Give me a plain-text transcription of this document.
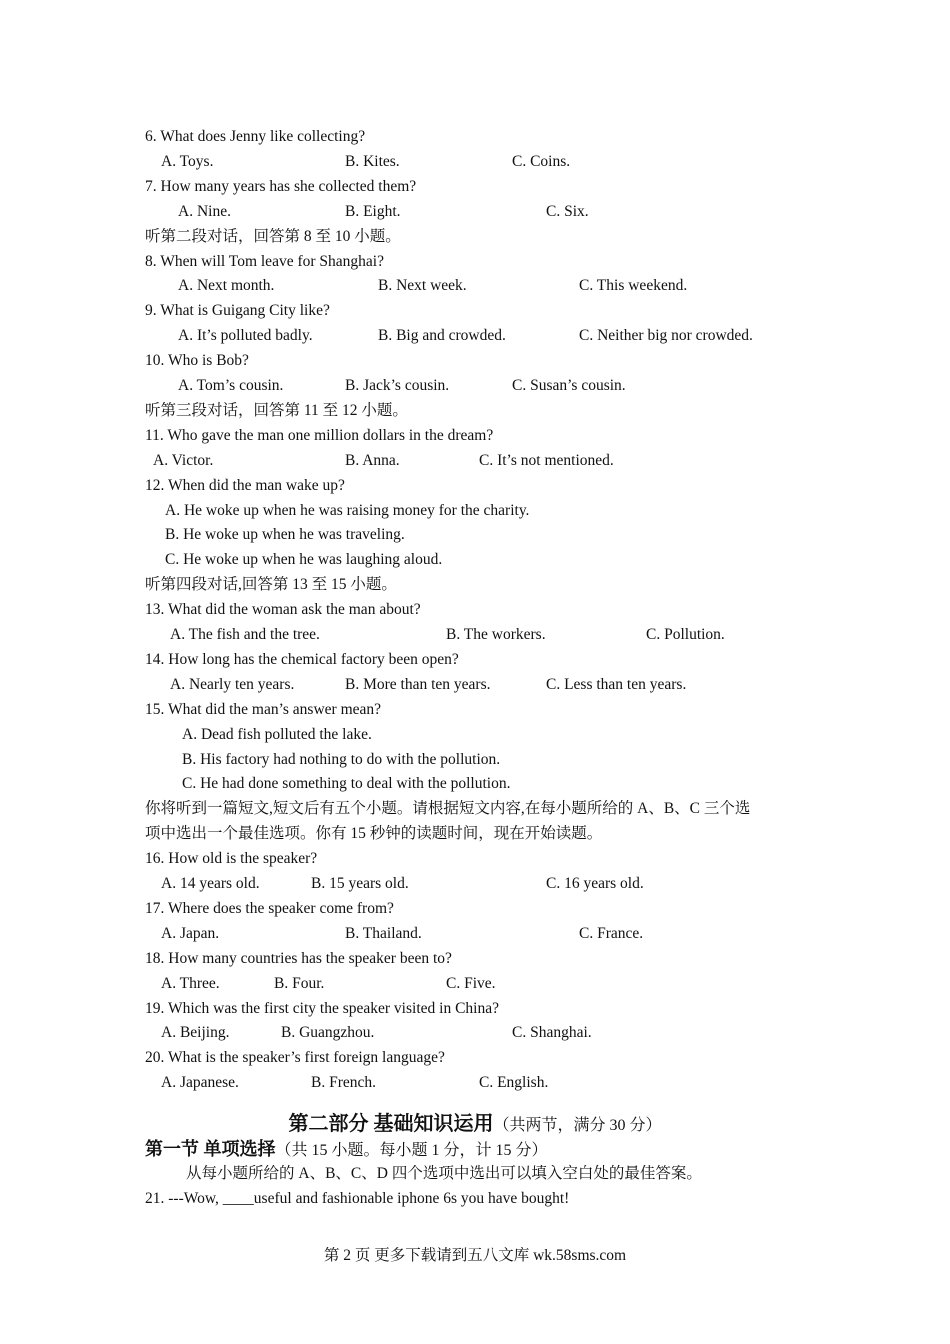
6. What does Jenny like collecting?
A. Toys.	B. Kites.	C. Coins.
7. How many years has she collected them?
A. Nine.	B. Eight.	C. Six.
听第二段对话，回答第 8 至 10 小题。
8. When will Tom leave for Shanghai?
A. Next month.	B. Next week.	C. This weekend.
9. What is Guigang City like?
A. It’s polluted badly.	B. Big and crowded.	C. Neither big nor crowded.
10. Who is Bob?
A. Tom’s cousin.	B. Jack’s cousin.	C. Susan’s cousin.
听第三段对话，回答第 11 至 12 小题。
11. Who gave the man one million dollars in the dream?
A. Victor.	B. Anna.	C. It’s not mentioned.
12. When did the man wake up?
A. He woke up when he was raising money for the charity.
B. He woke up when he was traveling.
C. He woke up when he was laughing aloud.
听第四段对话,回答第 13 至 15 小题。
13. What did the woman ask the man about?
A. The fish and the tree.	B. The workers.	C. Pollution.
14. How long has the chemical factory been open?
A. Nearly ten years.	B. More than ten years.	C. Less than ten years.
15. What did the man’s answer mean?
A. Dead fish polluted the lake.
B. His factory had nothing to do with the pollution.
C. He had done something to deal with the pollution.
你将听到一篇短文,短文后有五个小题。请根据短文内容,在每小题所给的 A、B、C 三个选
项中选出一个最佳选项。你有 15 秒钟的读题时间，现在开始读题。
16. How old is the speaker?
A. 14 years old.	B. 15 years old.	C. 16 years old.
17. Where does the speaker come from?
A. Japan.	B. Thailand.	C. France.
18. How many countries has the speaker been to?
A. Three.	B. Four.	C. Five.
19. Which was the first city the speaker visited in China?
A. Beijing.	B. Guangzhou.	C. Shanghai.
20. What is the speaker’s first foreign language?
A. Japanese.	B. French.	C. English.
第二部分 基础知识运用（共两节，满分 30 分）
第一节 单项选择（共 15 小题。每小题 1 分，计 15 分）
从每小题所给的 A、B、C、D 四个选项中选出可以填入空白处的最佳答案。
21. ---Wow, ____useful and fashionable iphone 6s you have bought!
第 2 页 更多下载请到五八文库 wk.58sms.com
